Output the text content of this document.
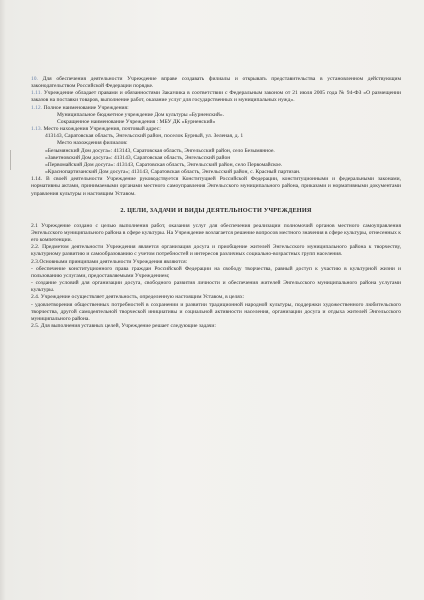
10. Для обеспечения деятельности Учреждение вправе создавать филиалы и открывать представительства в установленном действующим законодательством Российской Федерации порядке.

1.11. Учреждение обладает правами и обязанностями Заказчика в соответствии с Федеральным законом от 21 июля 2005 года № 94-ФЗ «О размещении заказов на поставки товаров, выполнение работ, оказание услуг для государственных и муниципальных нужд».

1.12. Полное наименование Учреждения:

Муниципальное бюджетное учреждение Дом культуры «Бурненский».

Сокращенное наименование Учреждения : МБУ ДК «Бурненский»

1.13. Место нахождения Учреждения, почтовый адрес:

413143, Саратовская область, Энгельсский район, поселок Бурный, ул. Зеленая, д. 1

Место нахождения филиалов:

«Безымянский Дом досуга»: 413143, Саратовская область, Энгельсский район, село Безымянное.

«Заветновский Дом досуга»: 413143, Саратовская область, Энгельсский район

«Первомайский Дом досуга»: 413143, Саратовская область, Энгельсский район, село Первомайское.

«Краснопартизанский Дом досуга»; 413143, Саратовская область, Энгельсский район, с. Красный партизан.

1.14. В своей деятельности Учреждение руководствуется Конституцией Российской Федерации, конституционными и федеральными законами, нормативны актами, принимаемыми органами местного самоуправления Энгельсского муниципального района, приказами и нормативными документами управления культуры и настоящим Уставом.

2. ЦЕЛИ, ЗАДАЧИ И ВИДЫ ДЕЯТЕЛЬНОСТИ УЧРЕЖДЕНИЯ

2.1 Учреждение создано с целью выполнения работ, оказания услуг для обеспечения реализации полномочий органов местного самоуправления Энгельсского муниципального района в сфере культуры. На Учреждение возлагается решение вопросов местного значения в сфере культуры, отнесенных к его компетенции.

2.2. Предметом деятельности Учреждения является организация досуга и приобщение жителей Энгельсского муниципального района к творчеству, культурному развитию и самообразованию с учетом потребностей и интересов различных социально-возрастных групп населения.

2.3.Основными принципами деятельности Учреждения являются:

- обеспечение конституционного права граждан Российской Федерации на свободу творчества, равный доступ к участию в культурной жизни и пользованию услугами, предоставляемыми Учреждением;

- создание условий для организации досуга, свободного развития личности и обеспечения жителей Энгельсского муниципального района услугами культуры.

2.4. Учреждение осуществляет деятельность, определенную настоящим Уставом, в целях:

- удовлетворения общественных потребностей в сохранении и развитии традиционной народной культуры, поддержки художественного любительского творчества, другой самодеятельной творческой инициативы и социальной активности населения, организации досуга и отдыха жителей Энгельсского муниципального района.

2.5. Для выполнения уставных целей, Учреждение решает следующие задачи:
